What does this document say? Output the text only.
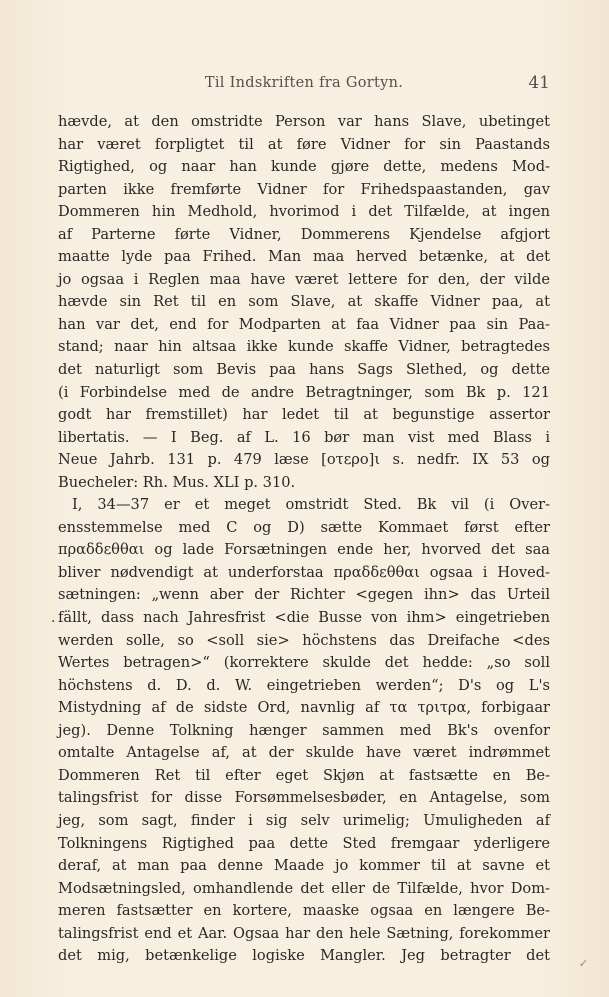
Til Indskriften fra Gortyn.	41
hævde, at den omstridte Person var hans Slave, ubetinget
har været forpligtet til at føre Vidner for sin Paastands
Rigtighed, og naar han kunde gjøre dette, medens Mod-
parten ikke fremførte Vidner for Frihedspaastanden, gav
Dommeren hin Medhold, hvorimod i det Tilfælde, at ingen
af Parterne førte Vidner, Dommerens Kjendelse afgjort
maatte lyde paa Frihed. Man maa herved betænke, at det
jo ogsaa i Reglen maa have været lettere for den, der vilde
hævde sin Ret til en som Slave, at skaffe Vidner paa, at
han var det, end for Modparten at faa Vidner paa sin Paa-
stand; naar hin altsaa ikke kunde skaffe Vidner, betragtedes
det naturligt som Bevis paa hans Sags Slethed, og dette
(i Forbindelse med de andre Betragtninger, som Bk p. 121
godt har fremstillet) har ledet til at begunstige assertor
libertatis. — I Beg. af L. 16 bør man vist med Blass i
Neue Jahrb. 131 p. 479 læse [οτερο]ι s. nedfr. IX 53 og
Buecheler: Rh. Mus. XLI p. 310.
I, 34—37 er et meget omstridt Sted. Bk vil (i Over-
ensstemmelse med C og D) sætte Kommaet først efter
πραδδεθθαι og lade Forsætningen ende her, hvorved det saa
bliver nødvendigt at underforstaa πραδδεθθαι ogsaa i Hoved-
sætningen: „wenn aber der Richter <gegen ihn> das Urteil
. fällt, dass nach Jahresfrist <die Busse von ihm> eingetrieben
werden solle, so <soll sie> höchstens das Dreifache <des
Wertes betragen>“ (korrektere skulde det hedde: „so soll
höchstens d. D. d. W. eingetrieben werden“; D's og L's
Mistydning af de sidste Ord, navnlig af τα τριτρα, forbigaar
jeg). Denne Tolkning hænger sammen med Bk's ovenfor
omtalte Antagelse af, at der skulde have været indrømmet
Dommeren Ret til efter eget Skjøn at fastsætte en Be-
talingsfrist for disse Forsømmelsesbøder, en Antagelse, som
jeg, som sagt, finder i sig selv urimelig; Umuligheden af
Tolkningens Rigtighed paa dette Sted fremgaar yderligere
deraf, at man paa denne Maade jo kommer til at savne et
Modsætningsled, omhandlende det eller de Tilfælde, hvor Dom-
meren fastsætter en kortere, maaske ogsaa en længere Be-
talingsfrist end et Aar. Ogsaa har den hele Sætning, forekommer
det mig, betænkelige logiske Mangler. Jeg betragter det	✓
